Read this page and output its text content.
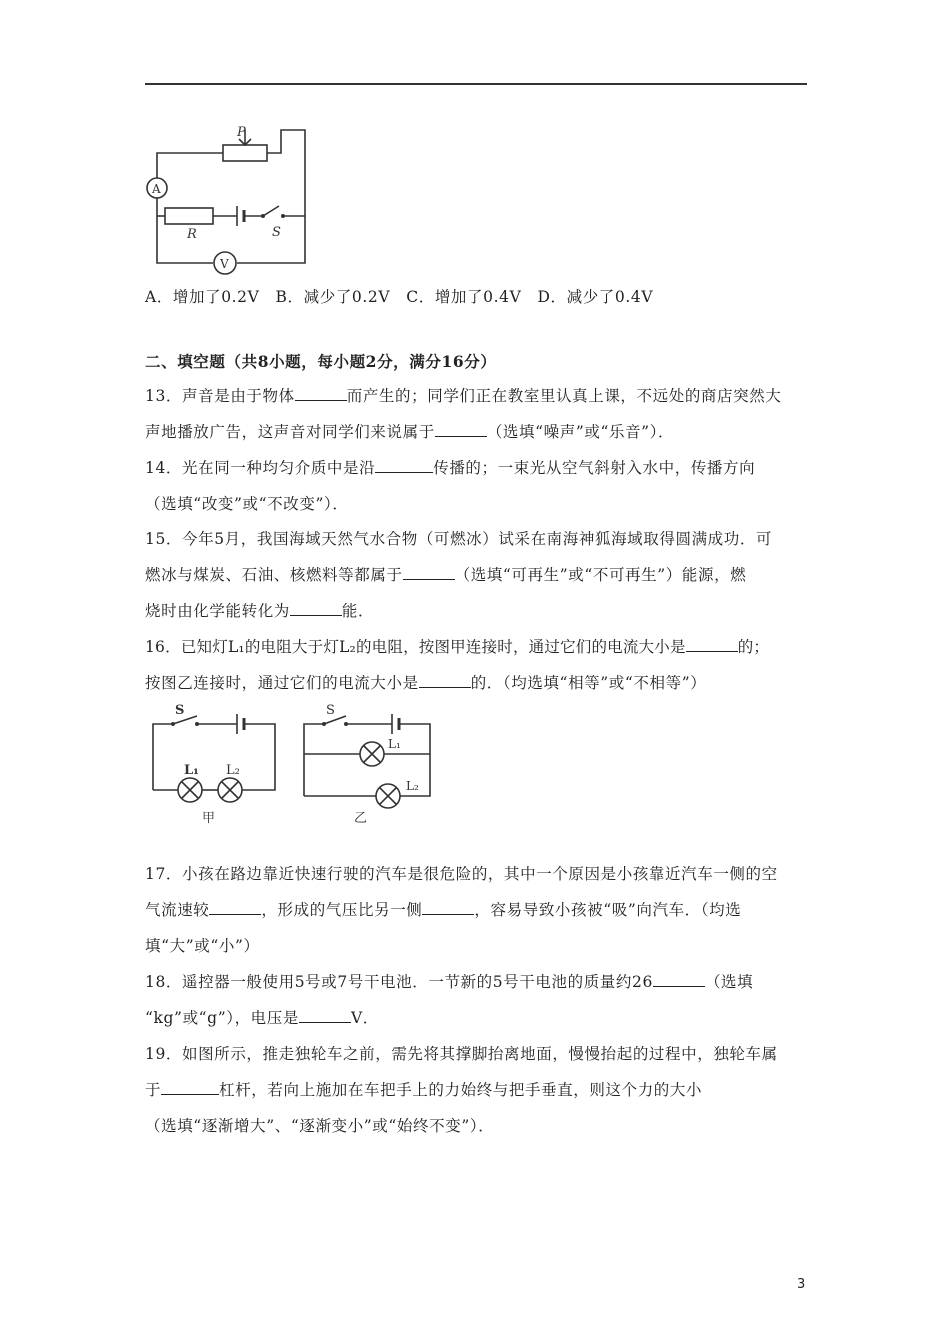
P
A
R	S
V
A．增加了0.2V　B．减少了0.2V　C．增加了0.4V　D．减少了0.4V
二、填空题（共8小题，每小题2分，满分16分）
13．声音是由于物体	而产生的；同学们正在教室里认真上课，不远处的商店突然大
声地播放广告，这声音对同学们来说属于	（选填“噪声”或“乐音”）．
14．光在同一种均匀介质中是沿	传播的；一束光从空气斜射入水中，传播方向
（选填“改变”或“不改变”）．
15．今年5月，我国海域天然气水合物（可燃冰）试采在南海神狐海域取得圆满成功．可
燃冰与煤炭、石油、核燃料等都属于	（选填“可再生”或“不可再生”）能源，燃
烧时由化学能转化为	能．
16．已知灯L₁的电阻大于灯L₂的电阻，按图甲连接时，通过它们的电流大小是	的；
按图乙连接时，通过它们的电流大小是	的．（均选填“相等”或“不相等”）
S
L₁ L₂
甲
S
L₁
L₂
乙
17．小孩在路边靠近快速行驶的汽车是很危险的，其中一个原因是小孩靠近汽车一侧的空
气流速较	，形成的气压比另一侧	，容易导致小孩被“吸”向汽车．（均选
填“大”或“小”）
18．遥控器一般使用5号或7号干电池．一节新的5号干电池的质量约26	（选填
“kg”或“g”），电压是	V．
19．如图所示，推走独轮车之前，需先将其撑脚抬离地面，慢慢抬起的过程中，独轮车属
于	杠杆，若向上施加在车把手上的力始终与把手垂直，则这个力的大小
（选填“逐渐增大”、“逐渐变小”或“始终不变”）．
3
